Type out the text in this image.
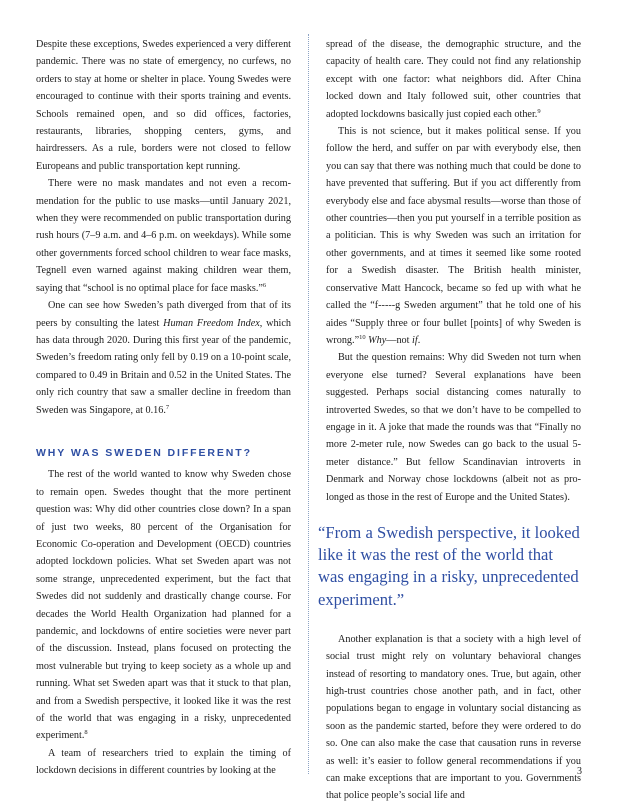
Despite these exceptions, Swedes experienced a very different pandemic. There was no state of emergency, no curfews, no orders to stay at home or shelter in place. Young Swedes were encouraged to continue with their sports training and events. Schools remained open, and so did offices, factories, restaurants, libraries, shopping centers, gyms, and hairdressers. As a rule, borders were not closed to fellow Europeans and public transportation kept running.

There were no mask mandates and not even a recommendation for the public to use masks—until January 2021, when they were recommended on public transportation during rush hours (7–9 a.m. and 4–6 p.m. on weekdays). While some other governments forced school children to wear face masks, Tegnell even warned against making children wear them, saying that “school is no optimal place for face masks.”$^6$

One can see how Sweden’s path diverged from that of its peers by consulting the latest Human Freedom Index, which has data through 2020. During this first year of the pandemic, Sweden’s freedom rating only fell by 0.19 on a 10-point scale, compared to 0.49 in Britain and 0.52 in the United States. The only rich country that saw a smaller decline in freedom than Sweden was Singapore, at 0.16.$^7$

WHY WAS SWEDEN DIFFERENT?

The rest of the world wanted to know why Sweden chose to remain open. Swedes thought that the more pertinent question was: Why did other countries close down? In a span of just two weeks, 80 percent of the Organisation for Economic Co-operation and Development (OECD) countries adopted lockdown policies. What set Sweden apart was not some strange, unprecedented experiment, but the fact that Swedes did not suddenly and drastically change course. For decades the World Health Organization had planned for a pandemic, and lockdowns of entire societies were never part of the discussion. Instead, plans focused on protecting the most vulnerable but trying to keep society as a whole up and running. What set Sweden apart was that it stuck to that plan, and from a Swedish perspective, it looked like it was the rest of the world that was engaging in a risky, unprecedented experiment.$^8$

A team of researchers tried to explain the timing of lockdown decisions in different countries by looking at the

spread of the disease, the demographic structure, and the capacity of health care. They could not find any relationship except with one factor: what neighbors did. After China locked down and Italy followed suit, other countries that adopted lockdowns basically just copied each other.$^9$

This is not science, but it makes political sense. If you follow the herd, and suffer on par with everybody else, then you can say that there was nothing much that could be done to have prevented that suffering. But if you act differently from everybody else and face abysmal results—worse than those of other countries—then you put yourself in a terrible position as a politician. This is why Sweden was such an irritation for other governments, and at times it seemed like some rooted for a Swedish disaster. The British health minister, conservative Matt Hancock, became so fed up with what he called the “f-----g Sweden argument” that he told one of his aides “Supply three or four bullet [points] of why Sweden is wrong.”$^{10}$ Why—not if.

But the question remains: Why did Sweden not turn when everyone else turned? Several explanations have been suggested. Perhaps social distancing comes naturally to introverted Swedes, so that we don’t have to be compelled to engage in it. A joke that made the rounds was that “Finally no more 2-meter rule, now Swedes can go back to the usual 5-meter distance.” But fellow Scandinavian introverts in Denmark and Norway chose lockdowns (albeit not as prolonged as those in the rest of Europe and the United States).

“From a Swedish perspective, it looked like it was the rest of the world that was engaging in a risky, unprecedented experiment.”

Another explanation is that a society with a high level of social trust might rely on voluntary behavioral changes instead of resorting to mandatory ones. True, but again, other high-trust countries chose another path, and in fact, other populations began to engage in voluntary social distancing as soon as the pandemic started, before they were ordered to do so. One can also make the case that causation runs in reverse as well: it’s easier to follow general recommendations if you can make exceptions that are important to you. Governments that police people’s social life and

3
